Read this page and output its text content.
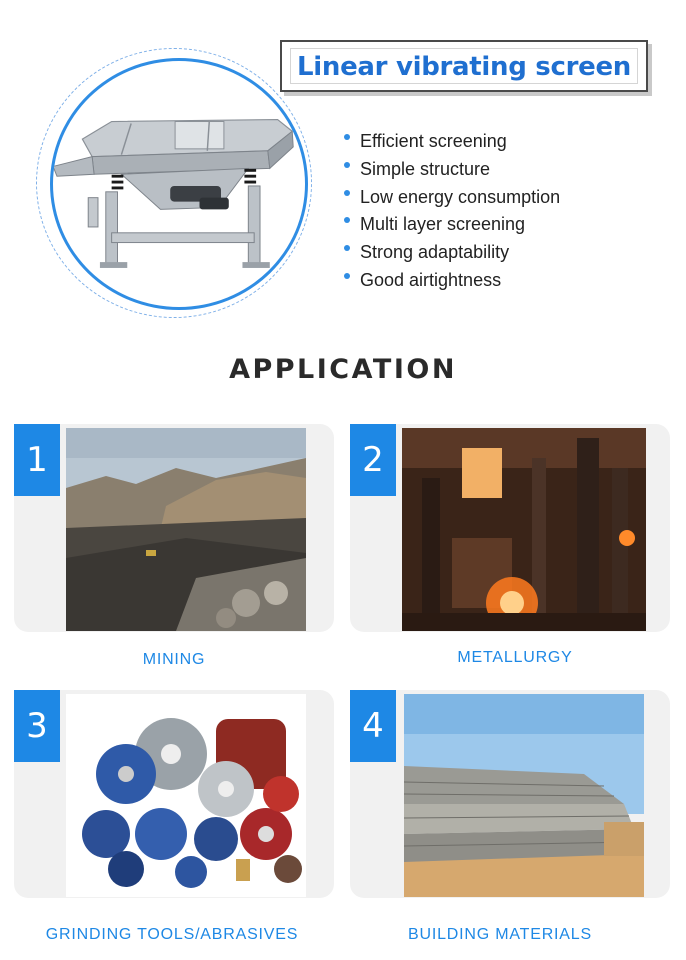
Linear vibrating screen
Efficient screening
Simple structure
Low energy consumption
Multi layer screening
Strong adaptability
Good airtightness
APPLICATION
1	2
3	4
MINING	METALLURGY
GRINDING TOOLS/ABRASIVES	BUILDING MATERIALS
